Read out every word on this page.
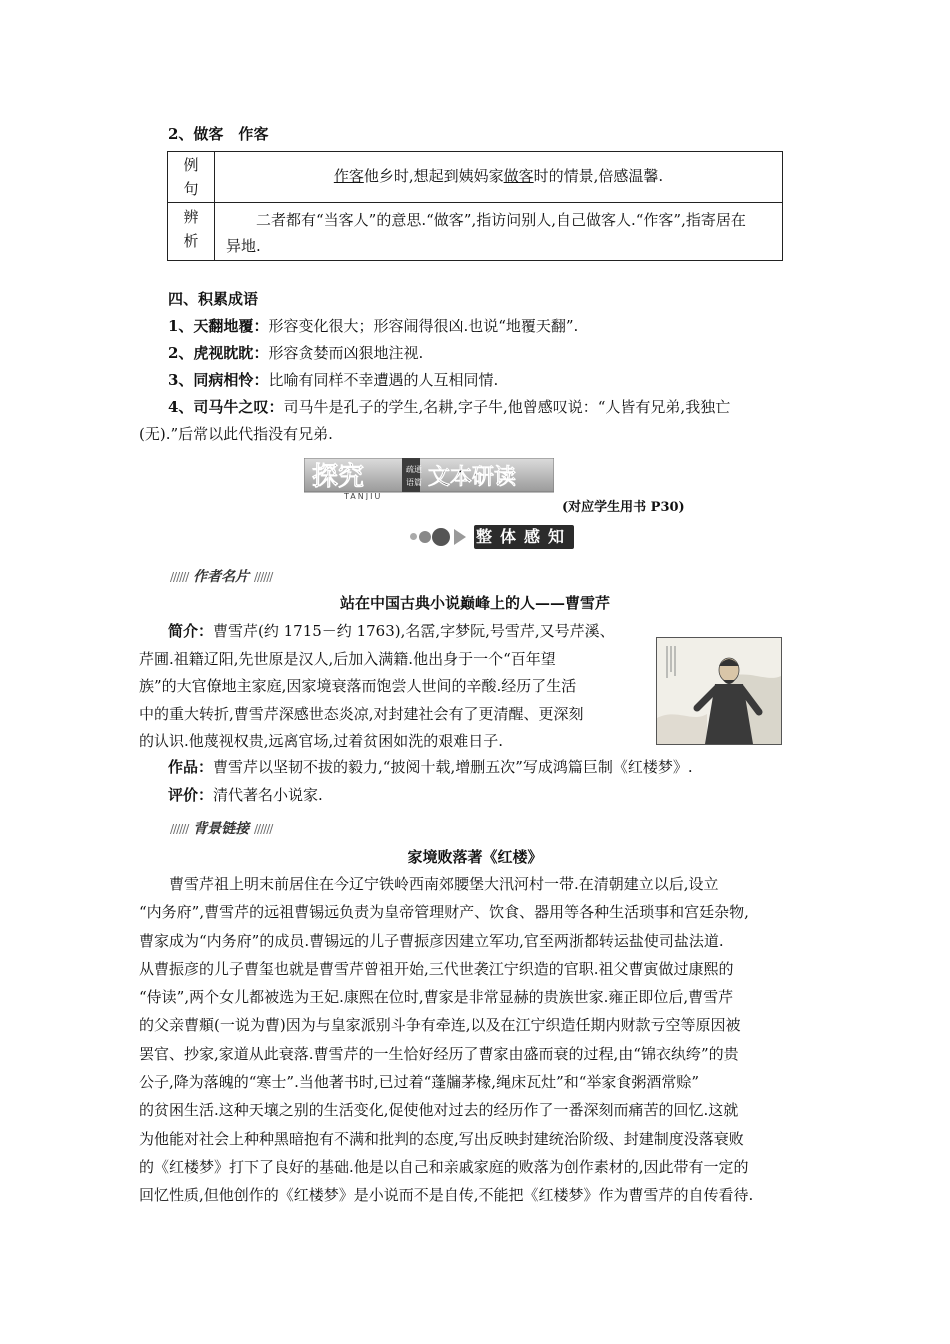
2、做客　作客
例
句
作客他乡时,想起到姨妈家做客时的情景,倍感温馨.
辨
析
二者都有“当客人”的意思.“做客”,指访问别人,自己做客人.“作客”,指寄居在异地.
四、积累成语
1、天翻地覆：形容变化很大；形容闹得很凶.也说“地覆天翻”.
2、虎视眈眈：形容贪婪而凶狠地注视.
3、同病相怜：比喻有同样不幸遭遇的人互相同情.
4、司马牛之叹：司马牛是孔子的学生,名耕,字子牛,他曾感叹说：“人皆有兄弟,我独亡
(无).”后常以此代指没有兄弟.
探究	疏通
语篇 文本研读
TANJIU
(对应学生用书 P30)
整体感知
////// 作者名片 //////
站在中国古典小说巅峰上的人——曹雪芹
简介：曹雪芹(约 1715－约 1763),名霑,字梦阮,号雪芹,又号芹溪、
芹圃.祖籍辽阳,先世原是汉人,后加入满籍.他出身于一个“百年望
族”的大官僚地主家庭,因家境衰落而饱尝人世间的辛酸.经历了生活
中的重大转折,曹雪芹深感世态炎凉,对封建社会有了更清醒、更深刻
的认识.他蔑视权贵,远离官场,过着贫困如洗的艰难日子.
作品：曹雪芹以坚韧不拔的毅力,“披阅十载,增删五次”写成鸿篇巨制《红楼梦》.
评价：清代著名小说家.
////// 背景链接 //////
家境败落著《红楼》
曹雪芹祖上明末前居住在今辽宁铁岭西南郊腰堡大汛河村一带.在清朝建立以后,设立
“内务府”,曹雪芹的远祖曹锡远负责为皇帝管理财产、饮食、器用等各种生活琐事和宫廷杂物,
曹家成为“内务府”的成员.曹锡远的儿子曹振彦因建立军功,官至两浙都转运盐使司盐法道.
从曹振彦的儿子曹玺也就是曹雪芹曾祖开始,三代世袭江宁织造的官职.祖父曹寅做过康熙的
“侍读”,两个女儿都被选为王妃.康熙在位时,曹家是非常显赫的贵族世家.雍正即位后,曹雪芹
的父亲曹頫(一说为曹)因为与皇家派别斗争有牵连,以及在江宁织造任期内财款亏空等原因被
罢官、抄家,家道从此衰落.曹雪芹的一生恰好经历了曹家由盛而衰的过程,由“锦衣纨绔”的贵
公子,降为落魄的“寒士”.当他著书时,已过着“蓬牖茅椽,绳床瓦灶”和“举家食粥酒常赊”
的贫困生活.这种天壤之别的生活变化,促使他对过去的经历作了一番深刻而痛苦的回忆.这就
为他能对社会上种种黑暗抱有不满和批判的态度,写出反映封建统治阶级、封建制度没落衰败
的《红楼梦》打下了良好的基础.他是以自己和亲戚家庭的败落为创作素材的,因此带有一定的
回忆性质,但他创作的《红楼梦》是小说而不是自传,不能把《红楼梦》作为曹雪芹的自传看待.
